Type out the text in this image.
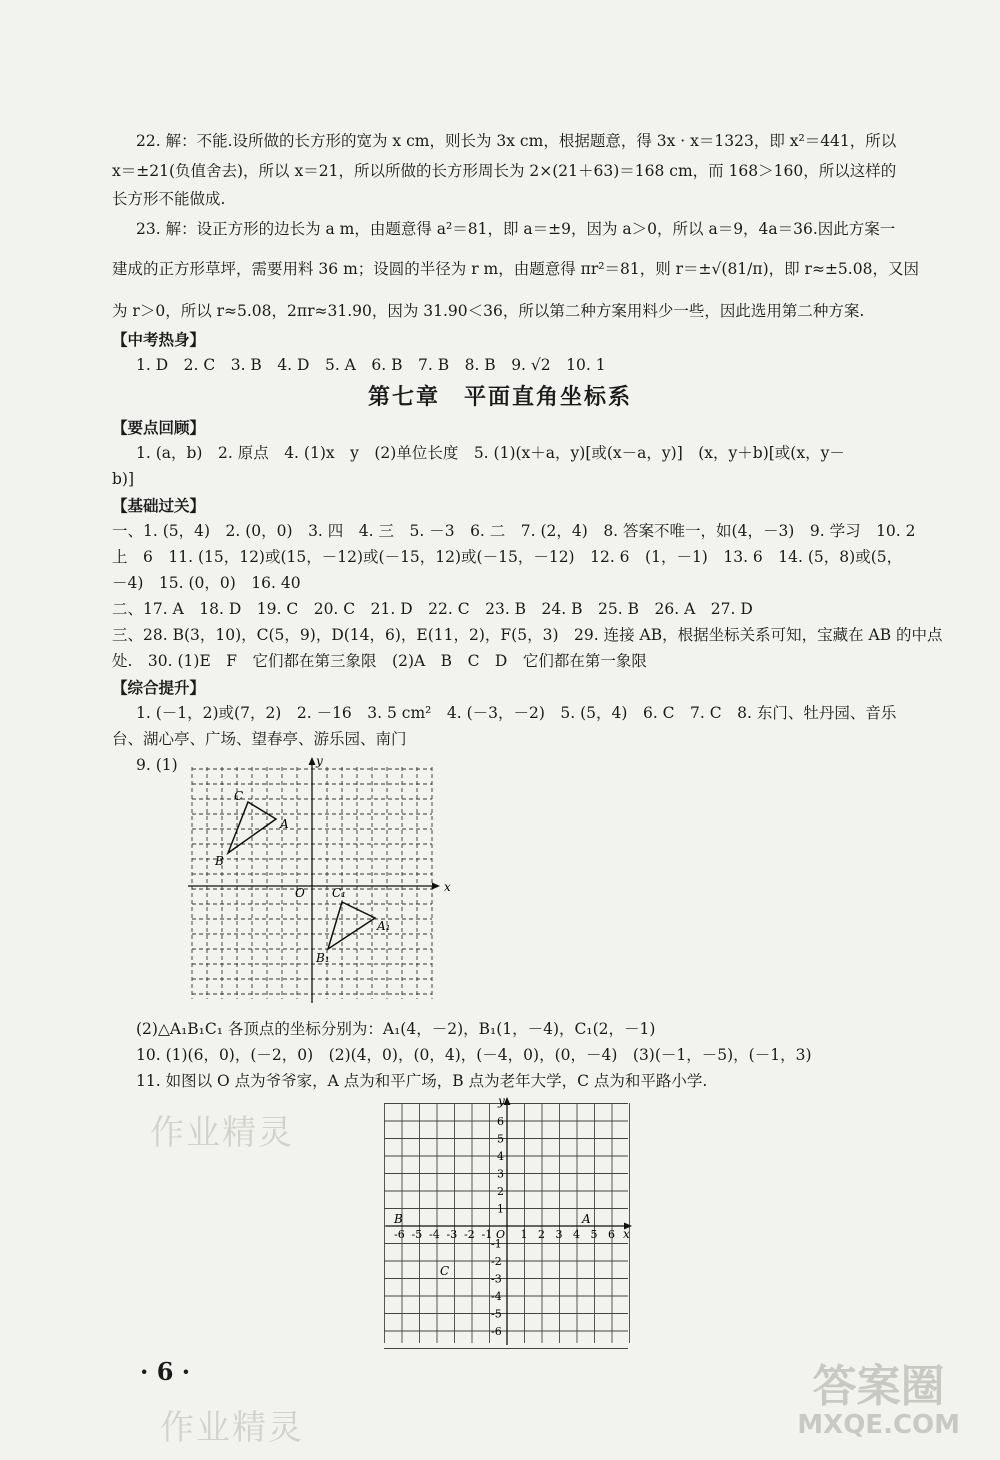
22. 解：不能.设所做的长方形的宽为 x cm，则长为 3x cm，根据题意，得 3x · x＝1323，即 x²＝441，所以
x＝±21(负值舍去)，所以 x＝21，所以所做的长方形周长为 2×(21＋63)＝168 cm，而 168＞160，所以这样的
长方形不能做成.
23. 解：设正方形的边长为 a m，由题意得 a²＝81，即 a＝±9，因为 a＞0，所以 a＝9，4a＝36.因此方案一
建成的正方形草坪，需要用料 36 m；设圆的半径为 r m，由题意得 πr²＝81，则 r＝±√(81/π)，即 r≈±5.08，又因
为 r＞0，所以 r≈5.08，2πr≈31.90，因为 31.90＜36，所以第二种方案用料少一些，因此选用第二种方案.
【中考热身】
1. D　2. C　3. B　4. D　5. A　6. B　7. B　8. B　9. √2　10. 1
第七章　平面直角坐标系
【要点回顾】
1. (a，b)　2. 原点　4. (1)x　y　(2)单位长度　5. (1)(x＋a，y)[或(x－a，y)]　(x，y＋b)[或(x，y－
b)]
【基础过关】
一、1. (5，4)　2. (0，0)　3. 四　4. 三　5. －3　6. 二　7. (2，4)　8. 答案不唯一，如(4，－3)　9. 学习　10. 2
上　6　11. (15，12)或(15，－12)或(－15，12)或(－15，－12)　12. 6　(1，－1)　13. 6　14. (5，8)或(5，
－4)　15. (0，0)　16. 40
二、17. A　18. D　19. C　20. C　21. D　22. C　23. B　24. B　25. B　26. A　27. D
三、28. B(3，10)，C(5，9)，D(14，6)，E(11，2)，F(5，3)　29. 连接 AB，根据坐标关系可知，宝藏在 AB 的中点
处.　30. (1)E　F　它们都在第三象限　(2)A　B　C　D　它们都在第一象限
【综合提升】
1. (－1，2)或(7，2)　2. －16　3. 5 cm²　4. (－3，－2)　5. (5，4)　6. C　7. C　8. 东门、牡丹园、音乐
台、湖心亭、广场、望春亭、游乐园、南门
9. (1)
x
y
O
C
A
B
C₁
A₁
B₁
(2)△A₁B₁C₁ 各顶点的坐标分别为：A₁(4，－2)，B₁(1，－4)，C₁(2，－1)
10. (1)(6，0)，(－2，0)　(2)(4，0)，(0，4)，(－4，0)，(0，－4)　(3)(－1，－5)，(－1，3)
11. 如图以 O 点为爷爷家，A 点为和平广场，B 点为老年大学，C 点为和平路小学.
-6 -5 -4 -3 -2 -1	1 2 3 4 5 6
6
5
4
3
2
1
-1
-2
-3
-4
-5
-6
x
y
O
A
B
C
· 6 ·
作业精灵
作业精灵
答案圈
MXQE.COM
